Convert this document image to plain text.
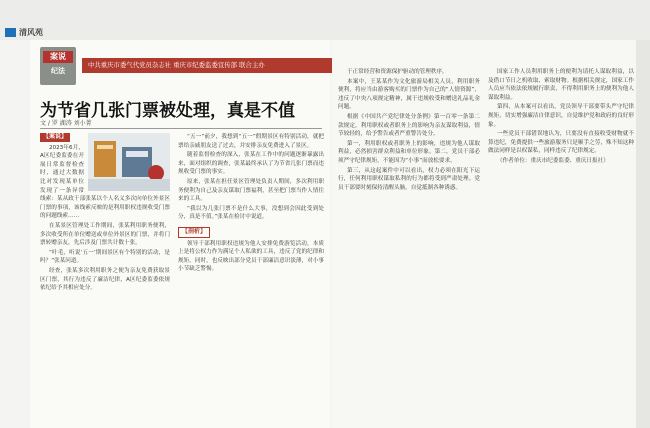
清风苑
案说
纪法
中共重庆市委气代党员杂志社 重庆市纪委监委宣传部 联合主办
为节省几张门票被处理，真是不值
文 / 罗 湖涛 刘小菁
【案说】

2023年6月，A区纪委监委在开展日常监督检查时，通过大数据比对发现某单位发现了一条异常线索：某从政干部张某以个人名义多次向单位外景区门票的事项，该线索反映的是利用职权违规收受门票的问题线索……

在某景区管理处工作期间，张某利用职务便利，多次收受所在单位赠送或单位外景区的门票，并将门票转赠亲友，先后涉及门票共计数十张。

“叶毛，听说‘五一’期间景区有个特别的活动，是吗？”张某问道。

经查，张某多次利用职务之便为亲友免费获取景区门票，其行为违反了廉洁纪律，A区纪委监委依规依纪给予其相应处分。

“五一”前夕，我想到“五一”假期景区有特别活动，就把票给亲戚朋友送了过去，并安排亲友免费进入了景区。

随着监督检查的深入，张某在工作中的问题逐渐暴露出来，面对组织的调查，张某最终承认了为节省几张门票而违规收受门票的事实。

原来，张某在担任景区管理处负责人期间，多次利用职务便利为自己及亲友谋取门票福利，甚至把门票当作人情往来的工具。

“我以为几张门票不是什么大事，没想到会因此受到处分，真是不值。”张某在检讨中说道。

【剖析】

领导干部利用职权违规为他人安排免费游览活动，本质上是将公权力作为满足个人私欲的工具，违反了党的纪律和规矩。同时，也反映出部分党员干部廉洁意识淡薄，对小事小节缺乏警惕。

于正常经营和资源保护驱动的管理秩序。

本案中，王某某作为文化旅游局相关人员，利用职务便利，将应当由游客购买的门票作为自己的“人情资源”，违反了中央八项规定精神，属于违规收受和赠送礼品礼金问题。

根据《中国共产党纪律处分条例》第一百零一条第二款规定，利用职权或者职务上的影响为亲友谋取利益，情节较轻的，给予警告或者严重警告处分。

第一，利用职权或者职务上的影响，违规为他人谋取利益，必然损害群众利益和单位形象。第二，党员干部必须严守纪律规矩，不能因为“小事”而放松要求。

第三，从这起案件中可以看出，权力必须在阳光下运行，任何利用职权谋取私利的行为都将受到严肃处理。党员干部要时刻保持清醒头脑，自觉抵制各种诱惑。

国家工作人员利用职务上的便利为请托人谋取利益，以及借口节日之机收取、索取财物。根据相关规定，国家工作人员应当依法依规履行职责，不得利用职务上的便利为他人谋取利益。

第四，从本案可以看出，党员领导干部要带头严守纪律规矩，切实增强廉洁自律意识，自觉维护党和政府的良好形象。

一些党员干部错误地认为，只要没有直接收受财物就不算违纪，免费提供一些旅游服务只是顺手之劳，殊不知这种做法同样是以权谋私，同样违反了纪律规定。

（作者单位：重庆市纪委监委、重庆日报社）
